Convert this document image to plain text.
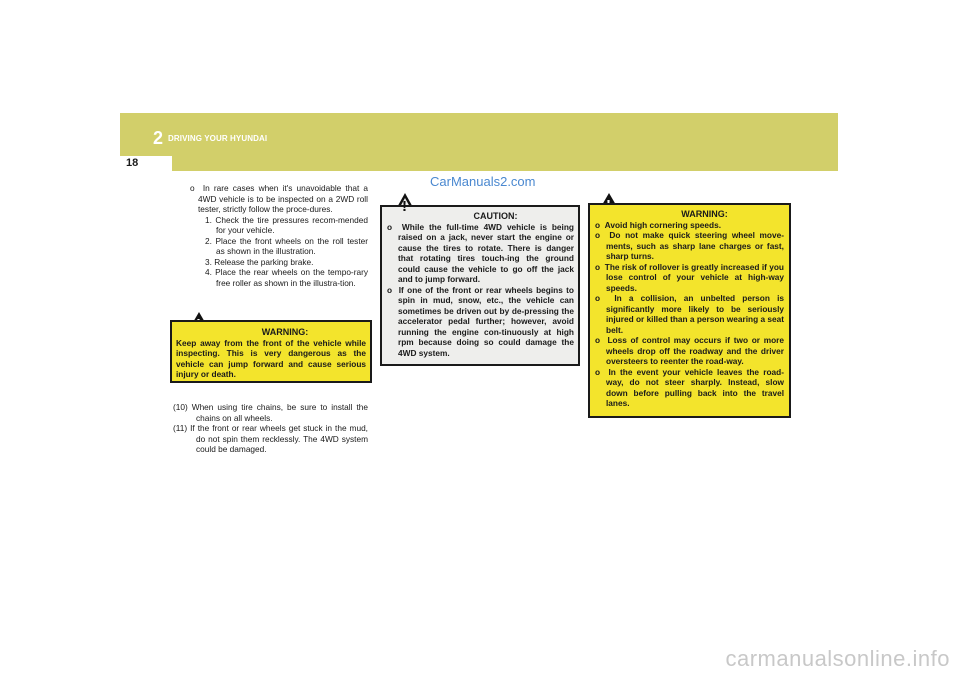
2 DRIVING YOUR HYUNDAI
18
CarManuals2.com
o  In rare cases when it's unavoidable that a 4WD vehicle is to be inspected on a 2WD roll tester, strictly follow the proce-dures.
1. Check the tire pressures recom-mended for your vehicle.
2. Place the front wheels on the roll tester as shown in the illustration.
3. Release the parking brake.
4. Place the rear wheels on the tempo-rary free roller as shown in the illustra-tion.
WARNING:
Keep away from the front of the vehicle while inspecting. This is very dangerous as the vehicle can jump forward and cause serious injury or death.
(10) When using tire chains, be sure to install the chains on all wheels.
(11) If the front or rear wheels get stuck in the mud, do not spin them recklessly. The 4WD system could be damaged.
!
CAUTION:
o  While the full-time 4WD vehicle is being raised on a jack, never start the engine or cause the tires to rotate. There is danger that rotating tires touch-ing the ground could cause the vehicle to go off the jack and to jump forward.
o  If one of the front or rear wheels begins to spin in mud, snow, etc., the vehicle can sometimes be driven out by de-pressing the accelerator pedal further; however, avoid running the engine con-tinuously at high rpm because doing so could damage the 4WD system.
WARNING:
o  Avoid high cornering speeds.
o  Do not make quick steering wheel move-ments, such as sharp lane charges or fast, sharp turns.
o  The risk of rollover is greatly increased if you lose control of your vehicle at high-way speeds.
o  In a collision, an unbelted person is significantly more likely to be seriously injured or killed than a person wearing a seat belt.
o  Loss of control may occurs if two or more wheels drop off the roadway and the driver oversteers to reenter the road-way.
o  In the event your vehicle leaves the road-way, do not steer sharply. Instead, slow down before pulling back into the travel lanes.
carmanualsonline.info
